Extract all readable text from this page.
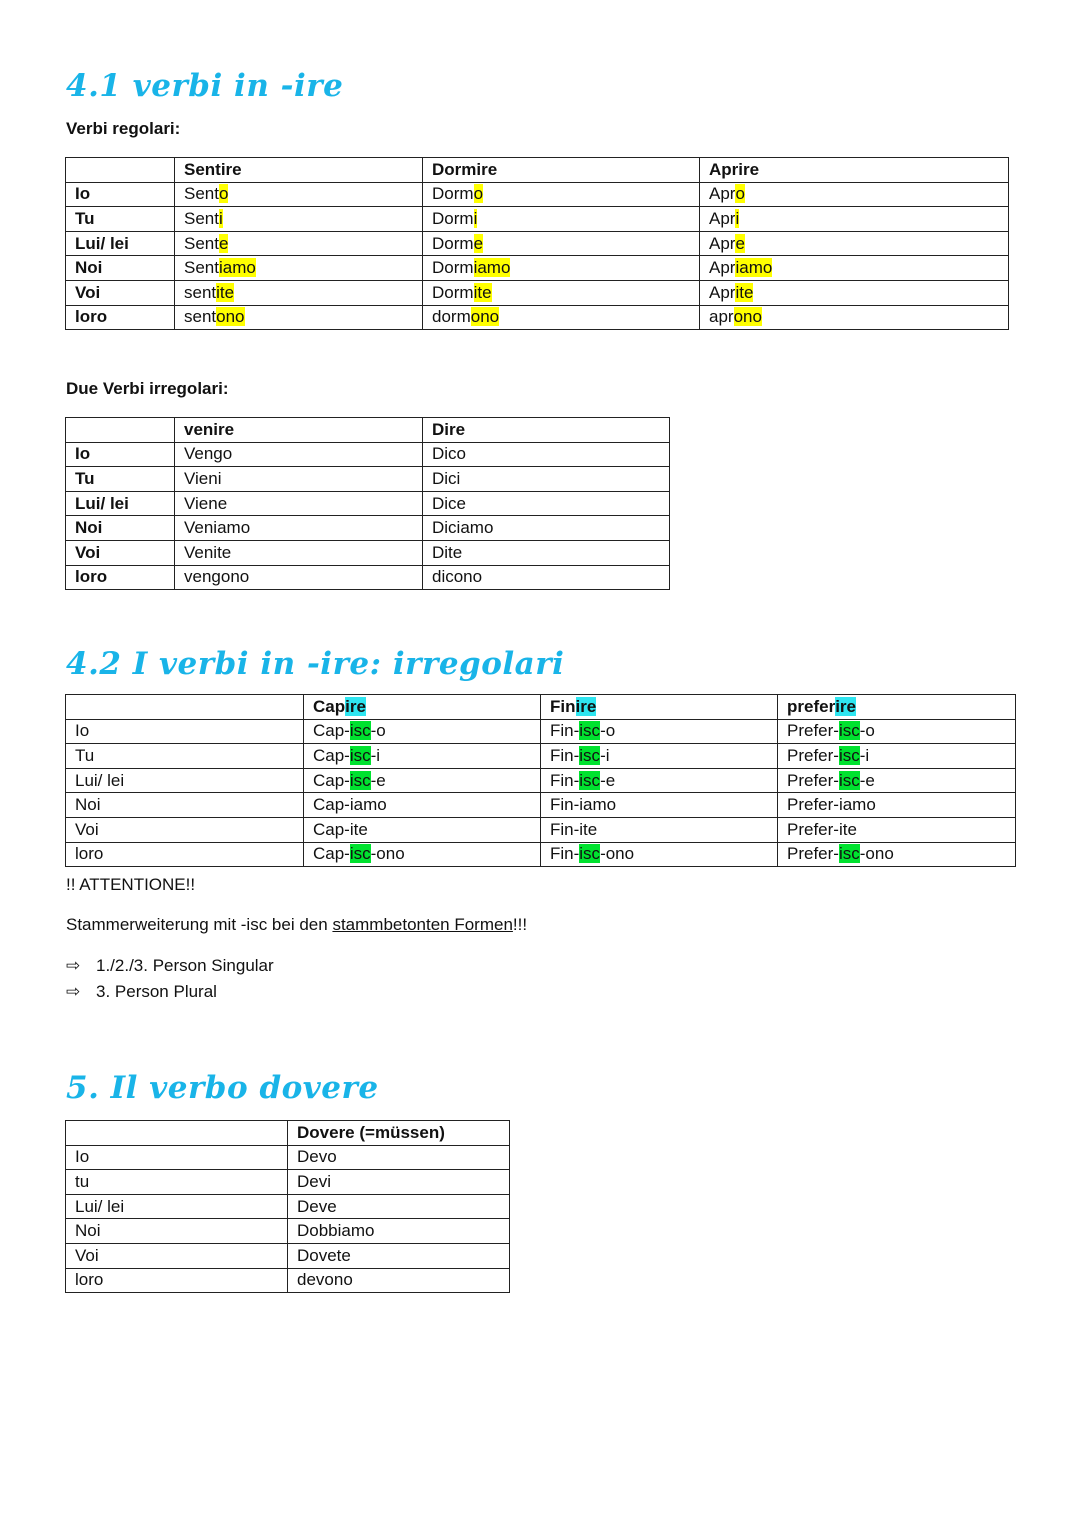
4.1 verbi in -ire
Verbi regolari:
	Sentire	Dormire	Aprire
Io	Sento	Dormo	Apro
Tu	Senti	Dormi	Apri
Lui/ lei	Sente	Dorme	Apre
Noi	Sentiamo	Dormiamo	Apriamo
Voi	sentite	Dormite	Aprite
loro	sentono	dormono	aprono
Due Verbi irregolari:
	venire	Dire
Io	Vengo	Dico
Tu	Vieni	Dici
Lui/ lei	Viene	Dice
Noi	Veniamo	Diciamo
Voi	Venite	Dite
loro	vengono	dicono
4.2 I verbi in -ire: irregolari
	Capire	Finire	preferire
Io	Cap-isc-o	Fin-isc-o	Prefer-isc-o
Tu	Cap-isc-i	Fin-isc-i	Prefer-isc-i
Lui/ lei	Cap-isc-e	Fin-isc-e	Prefer-isc-e
Noi	Cap-iamo	Fin-iamo	Prefer-iamo
Voi	Cap-ite	Fin-ite	Prefer-ite
loro	Cap-isc-ono	Fin-isc-ono	Prefer-isc-ono
!! ATTENTIONE!!
Stammerweiterung mit -isc bei den stammbetonten Formen!!!
⇨ 1./2./3. Person Singular
⇨ 3. Person Plural
5. Il verbo dovere
	Dovere (=müssen)
Io	Devo
tu	Devi
Lui/ lei	Deve
Noi	Dobbiamo
Voi	Dovete
loro	devono
